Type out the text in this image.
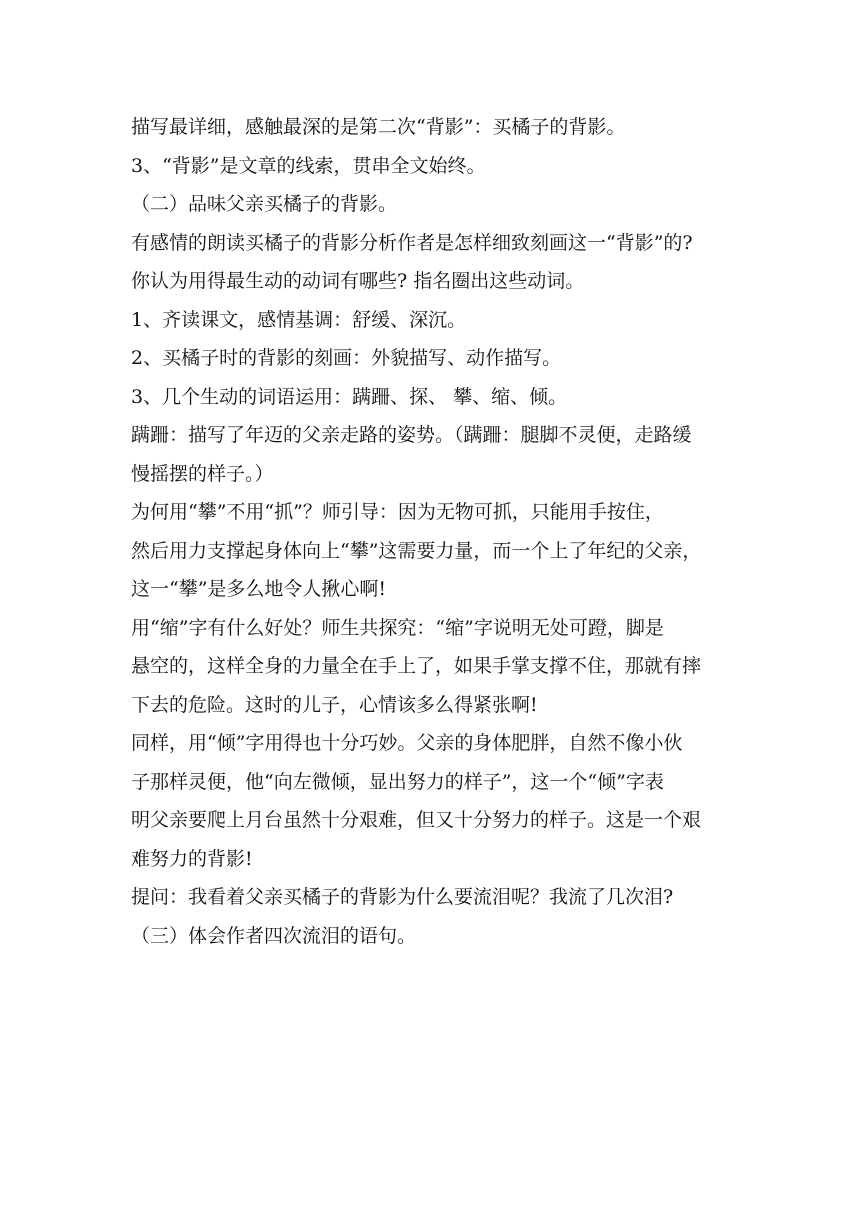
描写最详细，感触最深的是第二次“背影”：买橘子的背影。
3、“背影”是文章的线索，贯串全文始终。
（二）品味父亲买橘子的背影。
有感情的朗读买橘子的背影分析作者是怎样细致刻画这一“背影”的?
你认为用得最生动的动词有哪些? 指名圈出这些动词。
1、齐读课文，感情基调：舒缓、深沉。
2、买橘子时的背影的刻画：外貌描写、动作描写。
3、几个生动的词语运用：蹒跚、探、 攀、缩、倾。
蹒跚：描写了年迈的父亲走路的姿势。（蹒跚：腿脚不灵便，走路缓
慢摇摆的样子。）
为何用“攀”不用“抓”？师引导：因为无物可抓，只能用手按住，
然后用力支撑起身体向上“攀”这需要力量，而一个上了年纪的父亲，
这一“攀”是多么地令人揪心啊!
用“缩”字有什么好处？师生共探究：“缩”字说明无处可蹬，脚是
悬空的，这样全身的力量全在手上了，如果手掌支撑不住，那就有摔
下去的危险。这时的儿子，心情该多么得紧张啊!
同样，用“倾”字用得也十分巧妙。父亲的身体肥胖，自然不像小伙
子那样灵便，他“向左微倾，显出努力的样子”，这一个“倾”字表
明父亲要爬上月台虽然十分艰难，但又十分努力的样子。这是一个艰
难努力的背影!
提问：我看着父亲买橘子的背影为什么要流泪呢？我流了几次泪?
（三）体会作者四次流泪的语句。
